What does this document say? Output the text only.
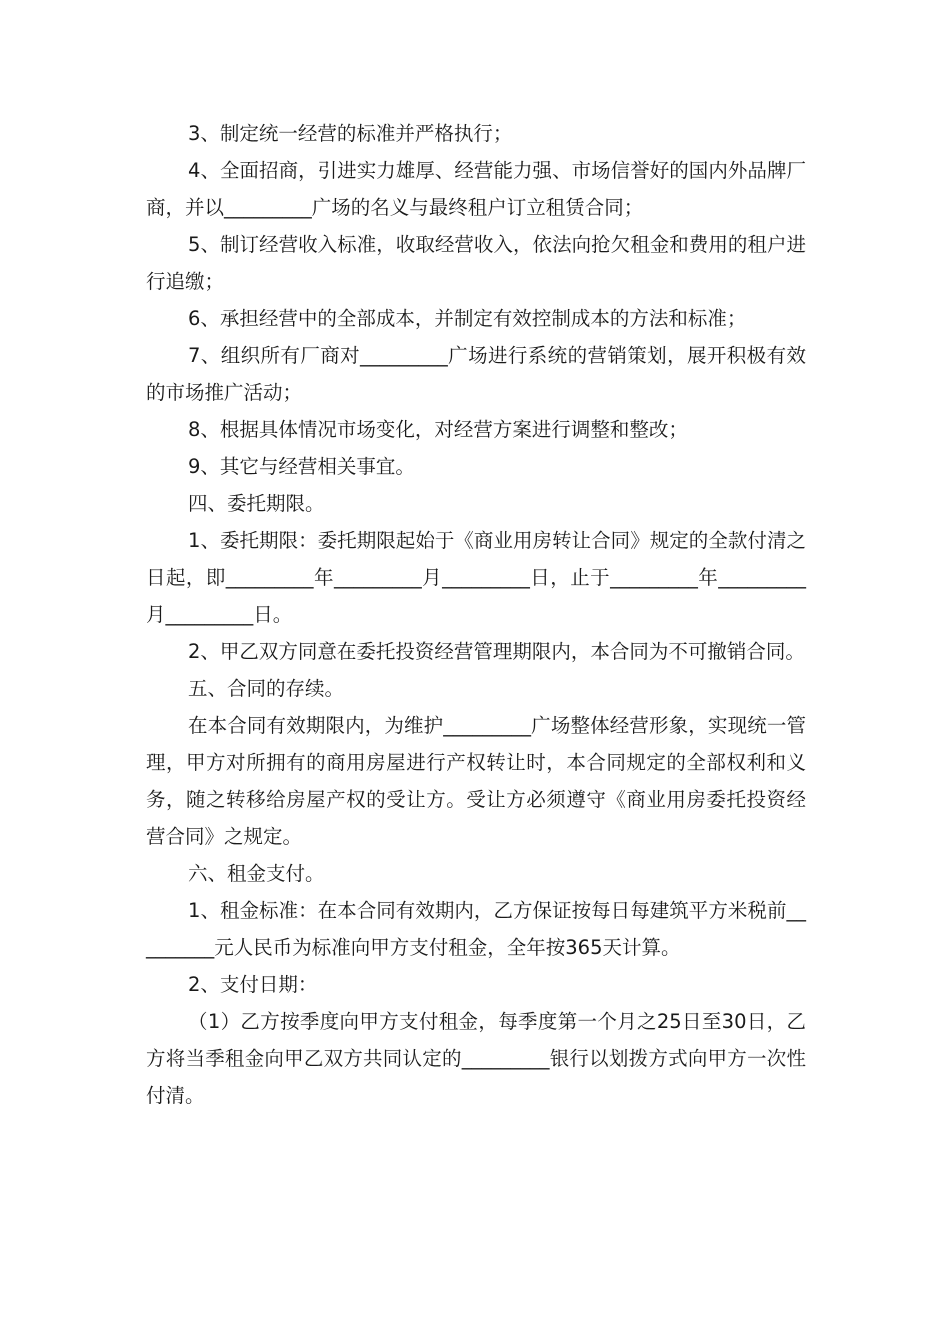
3、制定统一经营的标准并严格执行；

4、全面招商，引进实力雄厚、经营能力强、市场信誉好的国内外品牌厂商，并以_________广场的名义与最终租户订立租赁合同；

5、制订经营收入标准，收取经营收入，依法向抢欠租金和费用的租户进行追缴；

6、承担经营中的全部成本，并制定有效控制成本的方法和标准；

7、组织所有厂商对_________广场进行系统的营销策划，展开积极有效的市场推广活动；

8、根据具体情况市场变化，对经营方案进行调整和整改；

9、其它与经营相关事宜。

四、委托期限。

1、委托期限：委托期限起始于《商业用房转让合同》规定的全款付清之日起，即_________年_________月_________日，止于_________年_________月_________日。

2、甲乙双方同意在委托投资经营管理期限内，本合同为不可撤销合同。

五、合同的存续。

在本合同有效期限内，为维护_________广场整体经营形象，实现统一管理，甲方对所拥有的商用房屋进行产权转让时，本合同规定的全部权利和义务，随之转移给房屋产权的受让方。受让方必须遵守《商业用房委托投资经营合同》之规定。

六、租金支付。

1、租金标准：在本合同有效期内，乙方保证按每日每建筑平方米税前_________元人民币为标准向甲方支付租金，全年按365天计算。

2、支付日期：

（1）乙方按季度向甲方支付租金，每季度第一个月之25日至30日，乙方将当季租金向甲乙双方共同认定的_________银行以划拨方式向甲方一次性付清。
